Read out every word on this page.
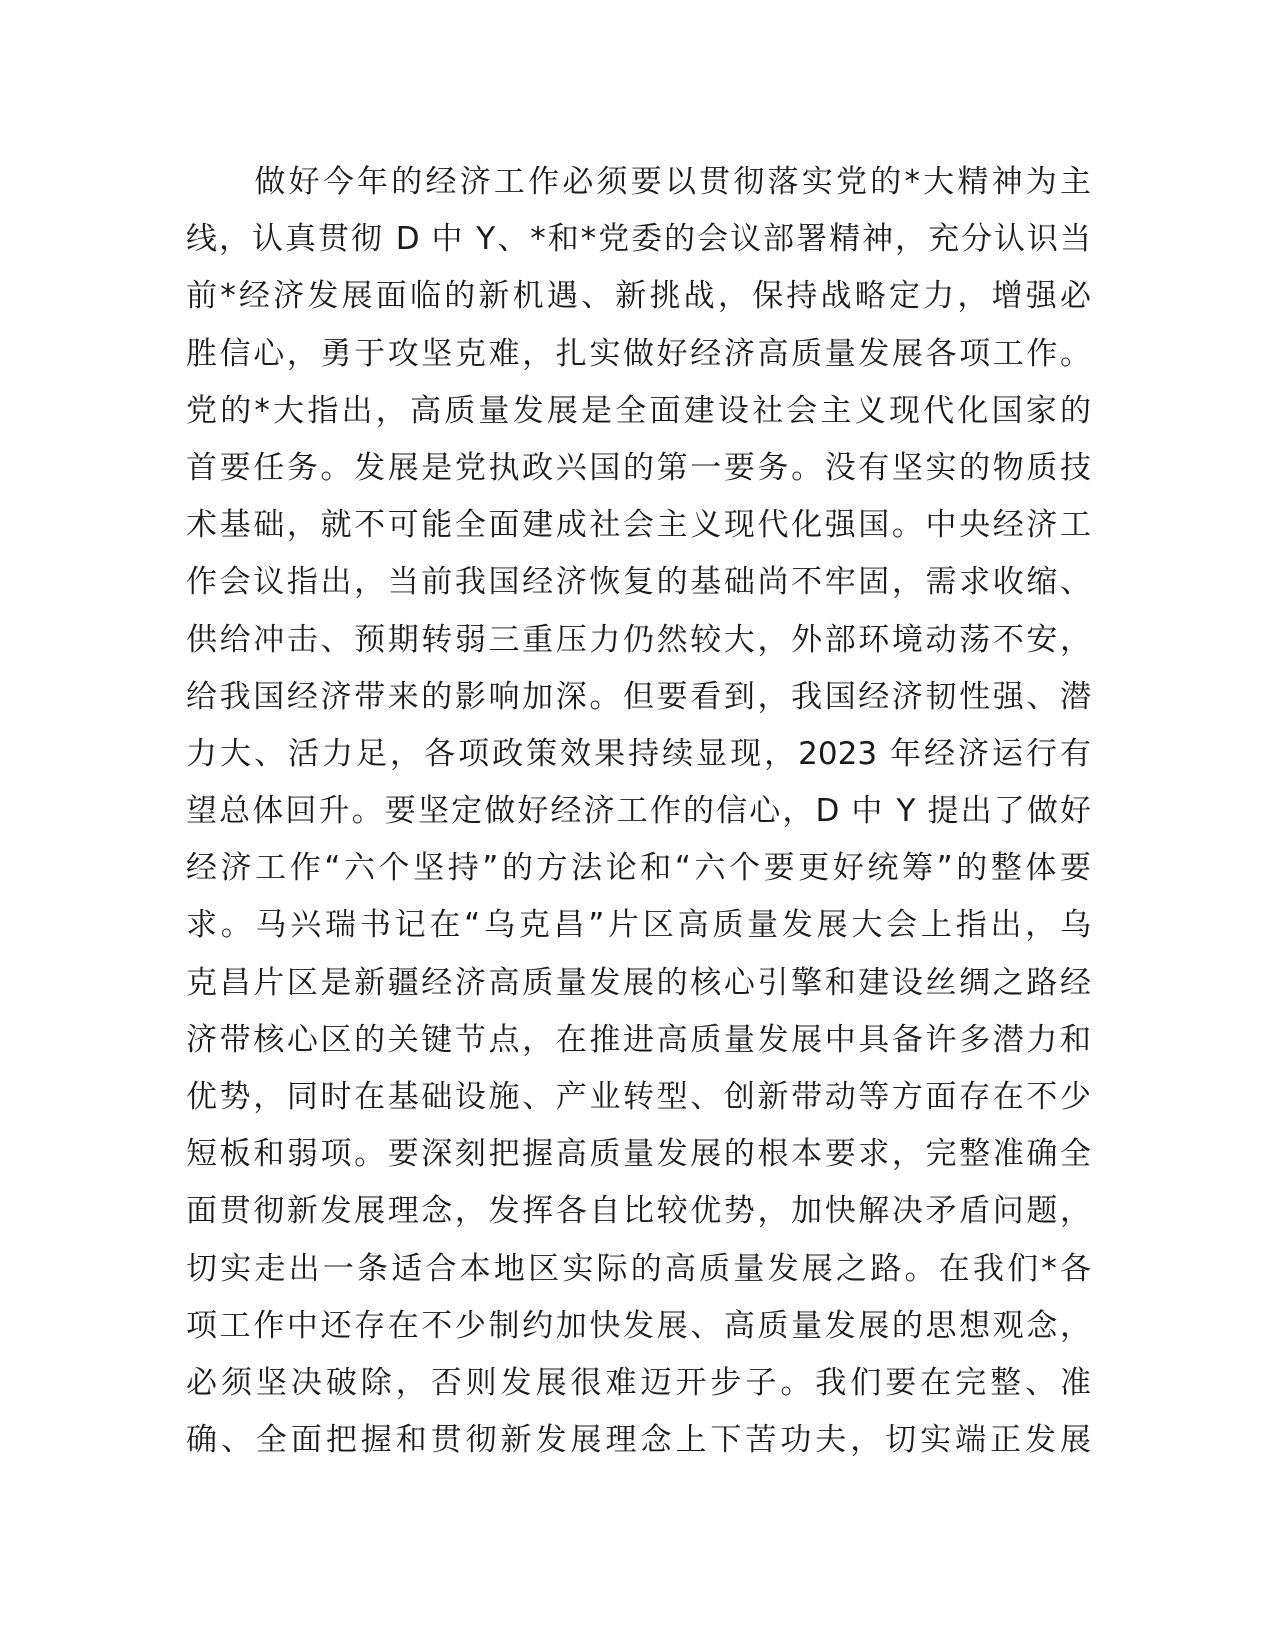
　　做好今年的经济工作必须要以贯彻落实党的*大精神为主
线，认真贯彻 D 中 Y、*和*党委的会议部署精神，充分认识当
前*经济发展面临的新机遇、新挑战，保持战略定力，增强必
胜信心，勇于攻坚克难，扎实做好经济高质量发展各项工作。
党的*大指出，高质量发展是全面建设社会主义现代化国家的
首要任务。发展是党执政兴国的第一要务。没有坚实的物质技
术基础，就不可能全面建成社会主义现代化强国。中央经济工
作会议指出，当前我国经济恢复的基础尚不牢固，需求收缩、
供给冲击、预期转弱三重压力仍然较大，外部环境动荡不安，
给我国经济带来的影响加深。但要看到，我国经济韧性强、潜
力大、活力足，各项政策效果持续显现，2023 年经济运行有
望总体回升。要坚定做好经济工作的信心，D 中 Y 提出了做好
经济工作“六个坚持”的方法论和“六个要更好统筹”的整体要
求。马兴瑞书记在“乌克昌”片区高质量发展大会上指出，乌
克昌片区是新疆经济高质量发展的核心引擎和建设丝绸之路经
济带核心区的关键节点，在推进高质量发展中具备许多潜力和
优势，同时在基础设施、产业转型、创新带动等方面存在不少
短板和弱项。要深刻把握高质量发展的根本要求，完整准确全
面贯彻新发展理念，发挥各自比较优势，加快解决矛盾问题，
切实走出一条适合本地区实际的高质量发展之路。在我们*各
项工作中还存在不少制约加快发展、高质量发展的思想观念，
必须坚决破除，否则发展很难迈开步子。我们要在完整、准
确、全面把握和贯彻新发展理念上下苦功夫，切实端正发展
